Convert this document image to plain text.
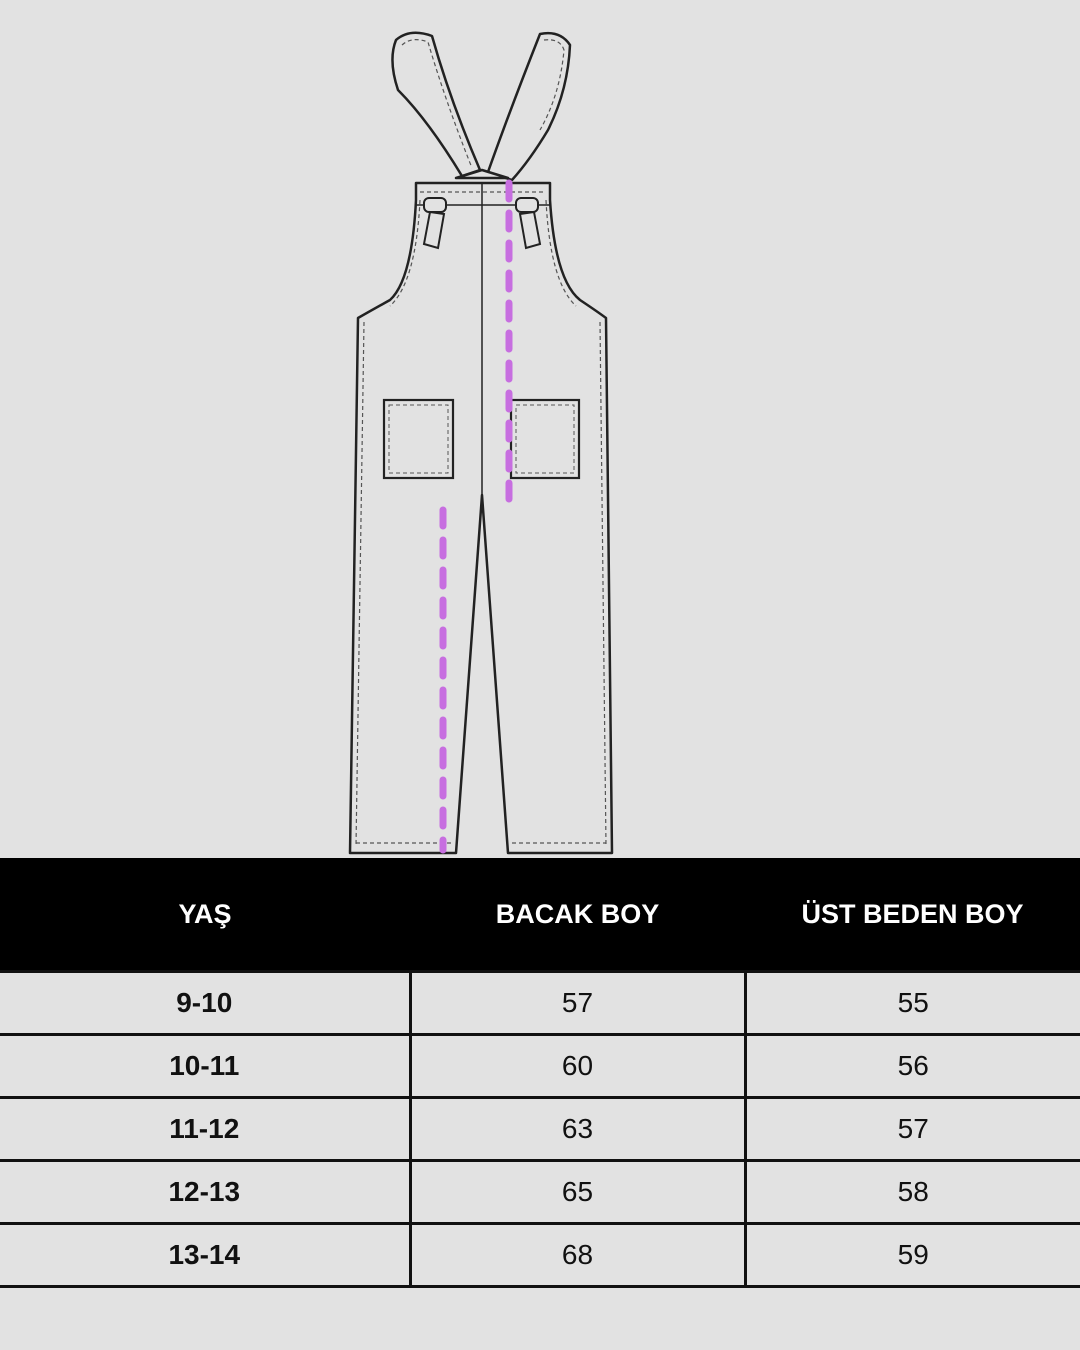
YAŞ	BACAK BOY	ÜST BEDEN BOY
9-10	57	55
10-11	60	56
11-12	63	57
12-13	65	58
13-14	68	59
